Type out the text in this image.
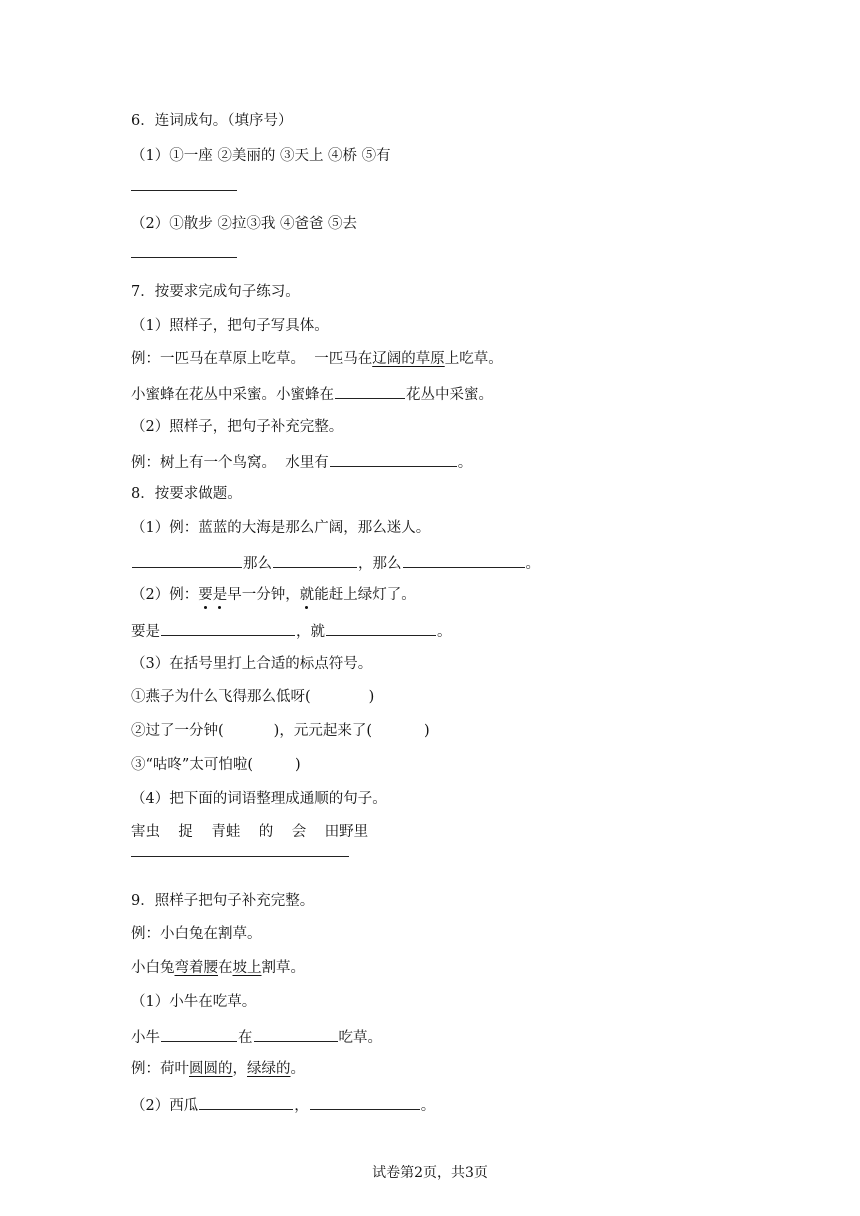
6．连词成句。（填序号）
（1）①一座 ②美丽的 ③天上 ④桥 ⑤有
（2）①散步 ②拉③我 ④爸爸 ⑤去
7．按要求完成句子练习。
（1）照样子，把句子写具体。
例：一匹马在草原上吃草。  一匹马在辽阔的草原上吃草。
小蜜蜂在花丛中采蜜。小蜜蜂在	花丛中采蜜。
（2）照样子，把句子补充完整。
例：树上有一个鸟窝。  水里有	。
8．按要求做题。
（1）例：蓝蓝的大海是那么广阔，那么迷人。
那么	，那么	。
（2）例：要是早一分钟，就能赶上绿灯了。
要是	，就	。
（3）在括号里打上合适的标点符号。
①燕子为什么飞得那么低呀(	)
②过了一分钟(	)，元元起来了(	)
③“咕咚”太可怕啦(	)
（4）把下面的词语整理成通顺的句子。
害虫    捉    青蛙    的    会    田野里
9．照样子把句子补充完整。
例：小白兔在割草。
小白兔弯着腰在坡上割草。
（1）小牛在吃草。
小牛	在	吃草。
例：荷叶圆圆的，绿绿的。
（2）西瓜	，	。
试卷第2页，共3页
